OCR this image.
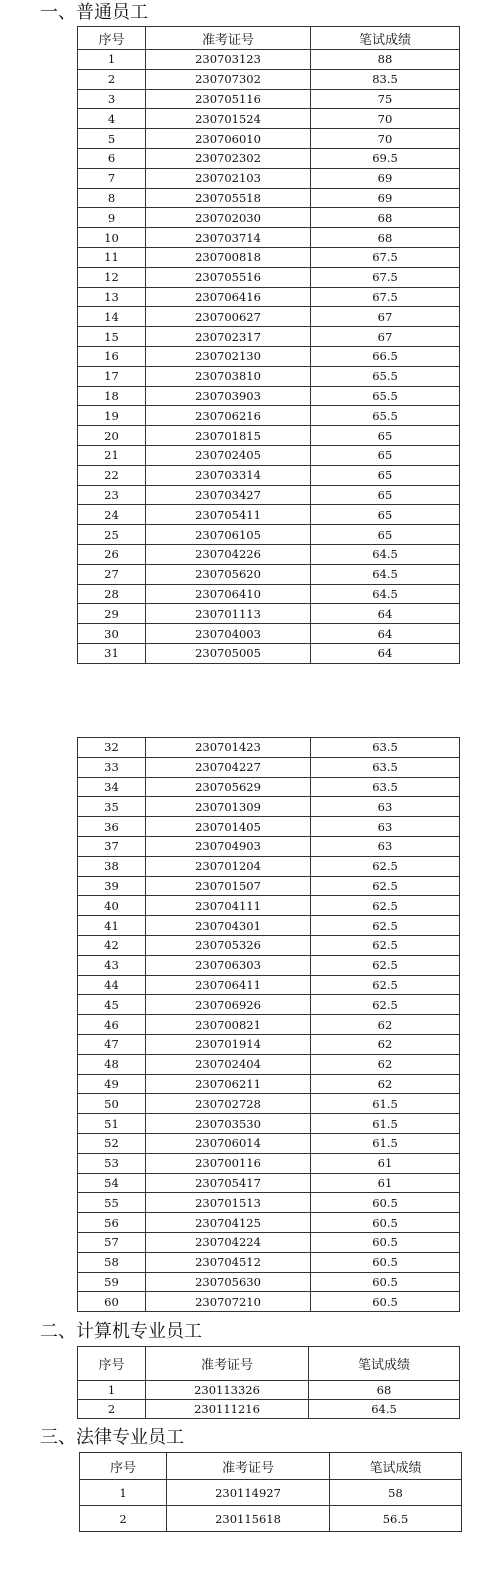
一、普通员工
序号	准考证号	笔试成绩
1	230703123	88
2	230707302	83.5
3	230705116	75
4	230701524	70
5	230706010	70
6	230702302	69.5
7	230702103	69
8	230705518	69
9	230702030	68
10	230703714	68
11	230700818	67.5
12	230705516	67.5
13	230706416	67.5
14	230700627	67
15	230702317	67
16	230702130	66.5
17	230703810	65.5
18	230703903	65.5
19	230706216	65.5
20	230701815	65
21	230702405	65
22	230703314	65
23	230703427	65
24	230705411	65
25	230706105	65
26	230704226	64.5
27	230705620	64.5
28	230706410	64.5
29	230701113	64
30	230704003	64
31	230705005	64
32	230701423	63.5
33	230704227	63.5
34	230705629	63.5
35	230701309	63
36	230701405	63
37	230704903	63
38	230701204	62.5
39	230701507	62.5
40	230704111	62.5
41	230704301	62.5
42	230705326	62.5
43	230706303	62.5
44	230706411	62.5
45	230706926	62.5
46	230700821	62
47	230701914	62
48	230702404	62
49	230706211	62
50	230702728	61.5
51	230703530	61.5
52	230706014	61.5
53	230700116	61
54	230705417	61
55	230701513	60.5
56	230704125	60.5
57	230704224	60.5
58	230704512	60.5
59	230705630	60.5
60	230707210	60.5
二、计算机专业员工
序号	准考证号	笔试成绩
1	230113326	68
2	230111216	64.5
三、法律专业员工
序号	准考证号	笔试成绩
1	230114927	58
2	230115618	56.5
